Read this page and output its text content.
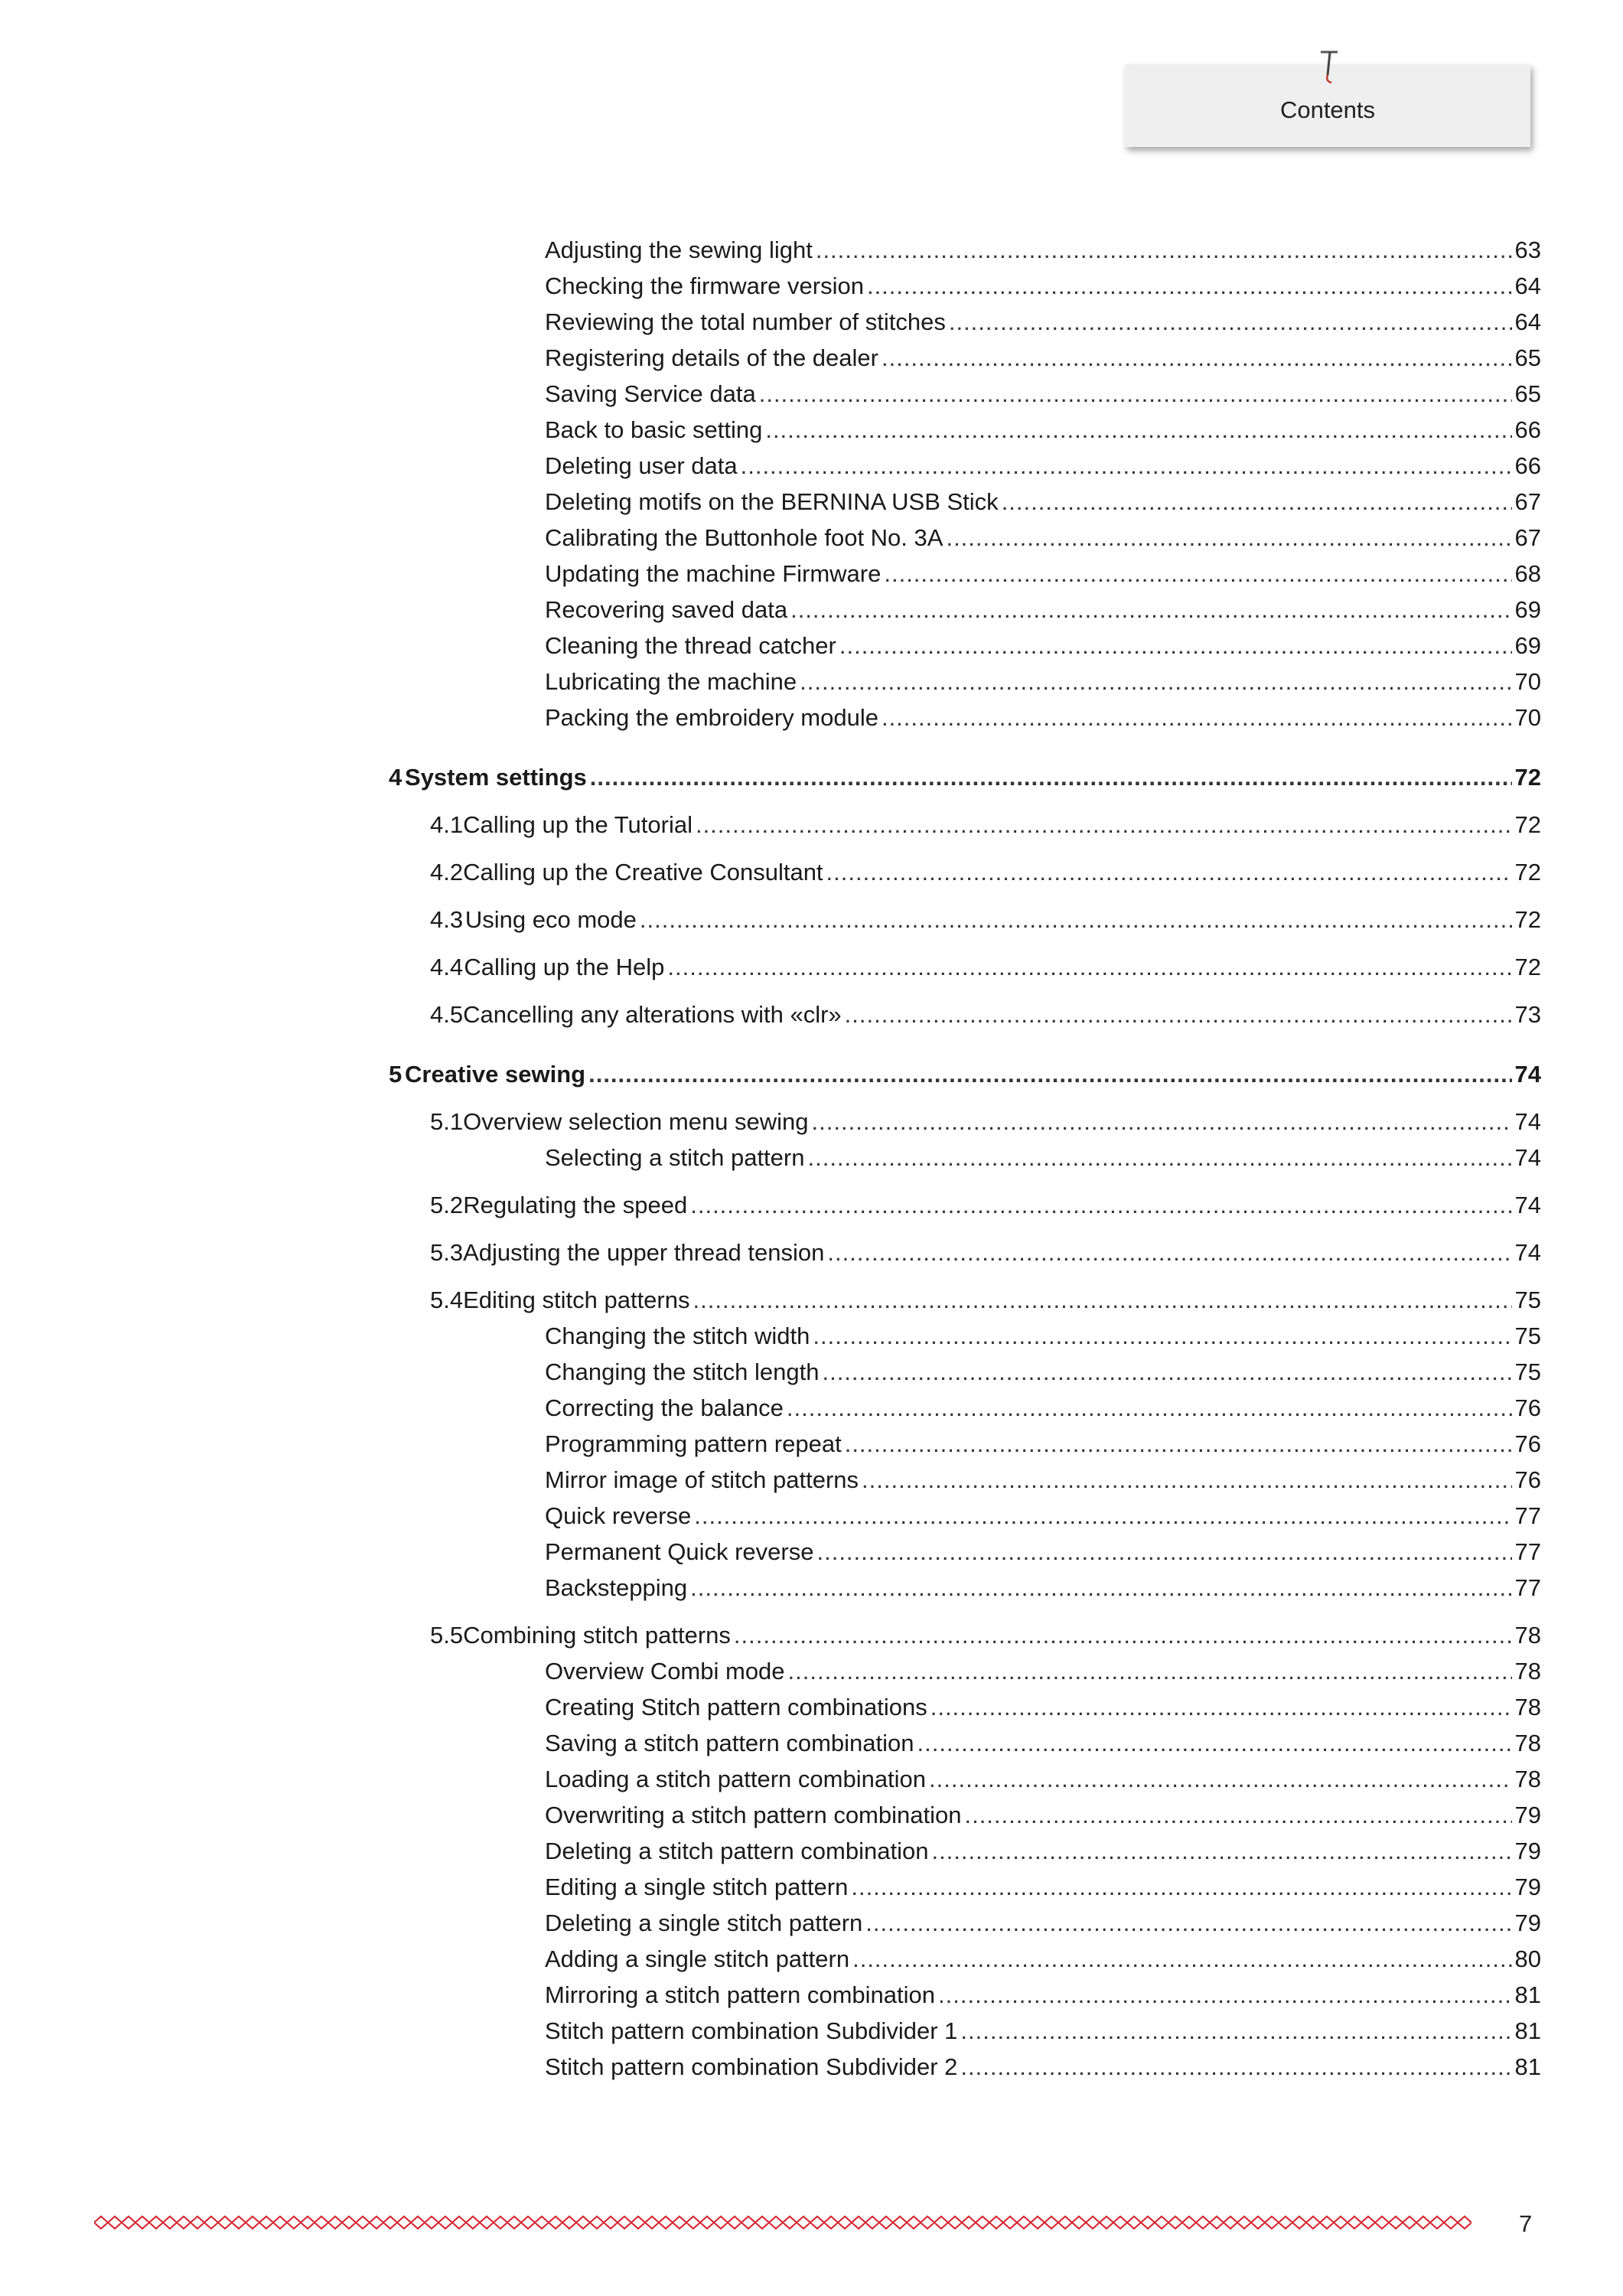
Contents
Adjusting the sewing light .....	63
Checking the firmware version .....	64
Reviewing the total number of stitches .....	64
Registering details of the dealer .....	65
Saving Service data .....	65
Back to basic setting .....	66
Deleting user data .....	66
Deleting motifs on the BERNINA USB Stick .....	67
Calibrating the Buttonhole foot No. 3A .....	67
Updating the machine Firmware .....	68
Recovering saved data .....	69
Cleaning the thread catcher .....	69
Lubricating the machine .....	70
Packing the embroidery module .....	70
4 System settings .....	72
4.1 Calling up the Tutorial .....	72
4.2 Calling up the Creative Consultant .....	72
4.3 Using eco mode .....	72
4.4 Calling up the Help .....	72
4.5 Cancelling any alterations with «clr» .....	73
5 Creative sewing .....	74
5.1 Overview selection menu sewing .....	74
Selecting a stitch pattern .....	74
5.2 Regulating the speed .....	74
5.3 Adjusting the upper thread tension .....	74
5.4 Editing stitch patterns .....	75
Changing the stitch width .....	75
Changing the stitch length .....	75
Correcting the balance .....	76
Programming pattern repeat .....	76
Mirror image of stitch patterns .....	76
Quick reverse .....	77
Permanent Quick reverse .....	77
Backstepping .....	77
5.5 Combining stitch patterns .....	78
Overview Combi mode .....	78
Creating Stitch pattern combinations .....	78
Saving a stitch pattern combination .....	78
Loading a stitch pattern combination .....	78
Overwriting a stitch pattern combination .....	79
Deleting a stitch pattern combination .....	79
Editing a single stitch pattern .....	79
Deleting a single stitch pattern .....	79
Adding a single stitch pattern .....	80
Mirroring a stitch pattern combination .....	81
Stitch pattern combination Subdivider 1 .....	81
Stitch pattern combination Subdivider 2 .....	81
7
